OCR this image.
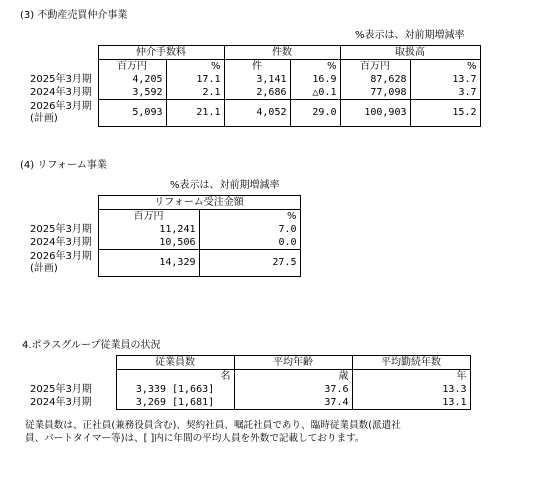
(3) 不動産売買仲介事業
%表示は、対前期増減率
	仲介手数料		件数		取扱高	
	百万円	%	件	%	百万円	%
2025年3月期	4,205	17.1	3,141	16.9	87,628	13.7
2024年3月期	3,592	2.1	2,686	△0.1	77,098	3.7

2026年3月期
(計画)	5,093	21.1	4,052	29.0	100,903	15.2
(4) リフォーム事業
%表示は、対前期増減率
	リフォーム受注金額	
	百万円	%
2025年3月期	11,241	7.0
2024年3月期	10,506	0.0

2026年3月期
(計画)	14,329	27.5
4.ポラスグループ従業員の状況
	従業員数	平均年齢	平均勤続年数
	名	歳	年
2025年3月期	3,339 [1,663]	37.6	13.3
2024年3月期	3,269 [1,681]	37.4	13.1
従業員数は、正社員(兼務役員含む)、契約社員、嘱託社員であり、臨時従業員数(派遣社
員、パートタイマー等)は、[ ]内に年間の平均人員を外数で記載しております。
